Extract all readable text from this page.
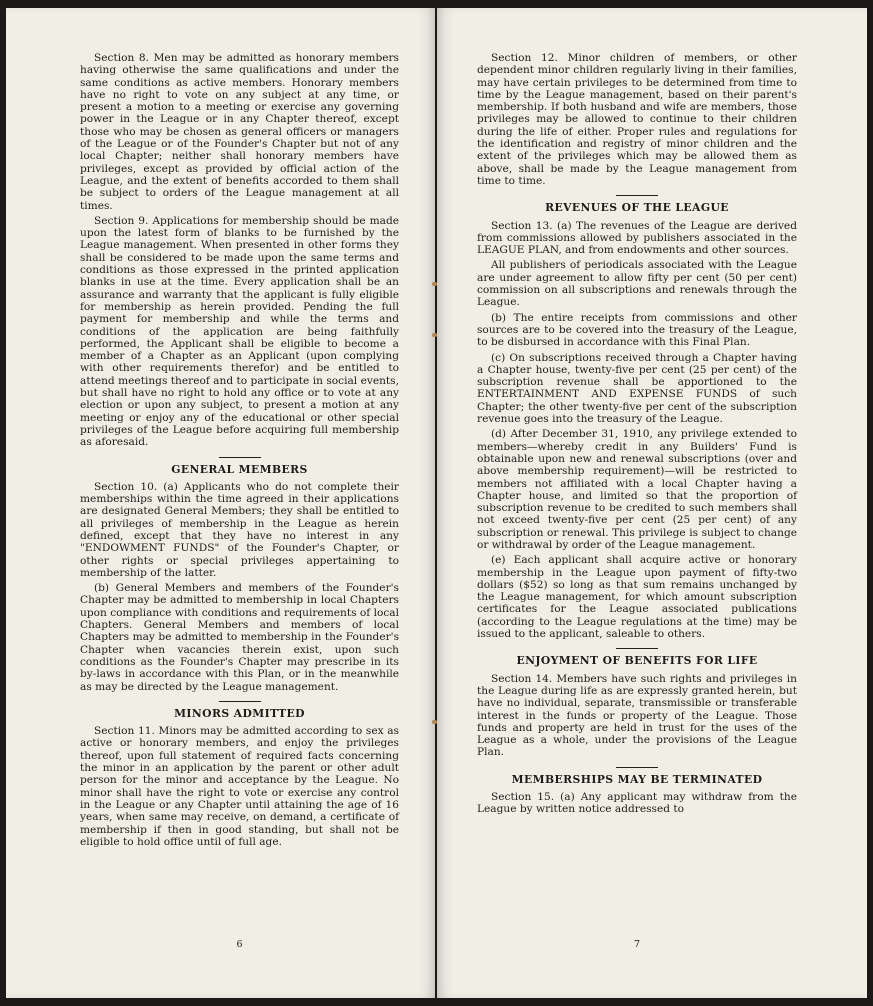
Section 8. Men may be admitted as honorary members having otherwise the same qualifications and under the same conditions as active members. Honorary members have no right to vote on any subject at any time, or present a motion to a meeting or exercise any governing power in the League or in any Chapter thereof, except those who may be chosen as general officers or managers of the League or of the Founder's Chapter but not of any local Chapter; neither shall honorary members have privileges, except as provided by official action of the League, and the extent of benefits accorded to them shall be subject to orders of the League management at all times.

Section 9. Applications for membership should be made upon the latest form of blanks to be furnished by the League management. When presented in other forms they shall be considered to be made upon the same terms and conditions as those expressed in the printed application blanks in use at the time. Every application shall be an assurance and warranty that the applicant is fully eligible for membership as herein provided. Pending the full payment for membership and while the terms and conditions of the application are being faithfully performed, the Applicant shall be eligible to become a member of a Chapter as an Applicant (upon complying with other requirements therefor) and be entitled to attend meetings thereof and to participate in social events, but shall have no right to hold any office or to vote at any election or upon any subject, to present a motion at any meeting or enjoy any of the educational or other special privileges of the League before acquiring full membership as aforesaid.

GENERAL MEMBERS

Section 10. (a) Applicants who do not complete their memberships within the time agreed in their applications are designated General Members; they shall be entitled to all privileges of membership in the League as herein defined, except that they have no interest in any "ENDOWMENT FUNDS" of the Founder's Chapter, or other rights or special privileges appertaining to membership of the latter.

(b) General Members and members of the Founder's Chapter may be admitted to membership in local Chapters upon compliance with conditions and requirements of local Chapters. General Members and members of local Chapters may be admitted to membership in the Founder's Chapter when vacancies therein exist, upon such conditions as the Founder's Chapter may prescribe in its by-laws in accordance with this Plan, or in the meanwhile as may be directed by the League management.

MINORS ADMITTED

Section 11. Minors may be admitted according to sex as active or honorary members, and enjoy the privileges thereof, upon full statement of required facts concerning the minor in an application by the parent or other adult person for the minor and acceptance by the League. No minor shall have the right to vote or exercise any control in the League or any Chapter until attaining the age of 16 years, when same may receive, on demand, a certificate of membership if then in good standing, but shall not be eligible to hold office until of full age.

6

Section 12. Minor children of members, or other dependent minor children regularly living in their families, may have certain privileges to be determined from time to time by the League management, based on their parent's membership. If both husband and wife are members, those privileges may be allowed to continue to their children during the life of either. Proper rules and regulations for the identification and registry of minor children and the extent of the privileges which may be allowed them as above, shall be made by the League management from time to time.

REVENUES OF THE LEAGUE

Section 13. (a) The revenues of the League are derived from commissions allowed by publishers associated in the LEAGUE PLAN, and from endowments and other sources.

All publishers of periodicals associated with the League are under agreement to allow fifty per cent (50 per cent) commission on all subscriptions and renewals through the League.

(b) The entire receipts from commissions and other sources are to be covered into the treasury of the League, to be disbursed in accordance with this Final Plan.

(c) On subscriptions received through a Chapter having a Chapter house, twenty-five per cent (25 per cent) of the subscription revenue shall be apportioned to the ENTERTAINMENT AND EXPENSE FUNDS of such Chapter; the other twenty-five per cent of the subscription revenue goes into the treasury of the League.

(d) After December 31, 1910, any privilege extended to members—whereby credit in any Builders' Fund is obtainable upon new and renewal subscriptions (over and above membership requirement)—will be restricted to members not affiliated with a local Chapter having a Chapter house, and limited so that the proportion of subscription revenue to be credited to such members shall not exceed twenty-five per cent (25 per cent) of any subscription or renewal. This privilege is subject to change or withdrawal by order of the League management.

(e) Each applicant shall acquire active or honorary membership in the League upon payment of fifty-two dollars ($52) so long as that sum remains unchanged by the League management, for which amount subscription certificates for the League associated publications (according to the League regulations at the time) may be issued to the applicant, saleable to others.

ENJOYMENT OF BENEFITS FOR LIFE

Section 14. Members have such rights and privileges in the League during life as are expressly granted herein, but have no individual, separate, transmissible or transferable interest in the funds or property of the League. Those funds and property are held in trust for the uses of the League as a whole, under the provisions of the League Plan.

MEMBERSHIPS MAY BE TERMINATED

Section 15. (a) Any applicant may withdraw from the League by written notice addressed to

7
